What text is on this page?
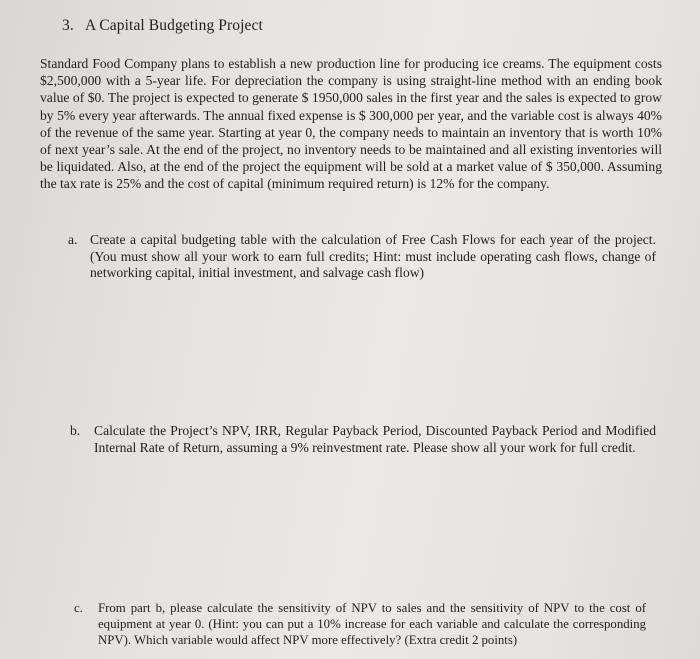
3. A Capital Budgeting Project
Standard Food Company plans to establish a new production line for producing ice creams. The equipment costs $2,500,000 with a 5-year life. For depreciation the company is using straight-line method with an ending book value of $0. The project is expected to generate $ 1950,000 sales in the first year and the sales is expected to grow by 5% every year afterwards. The annual fixed expense is $ 300,000 per year, and the variable cost is always 40% of the revenue of the same year. Starting at year 0, the company needs to maintain an inventory that is worth 10% of next year’s sale. At the end of the project, no inventory needs to be maintained and all existing inventories will be liquidated. Also, at the end of the project the equipment will be sold at a market value of $ 350,000. Assuming the tax rate is 25% and the cost of capital (minimum required return) is 12% for the company.
a. Create a capital budgeting table with the calculation of Free Cash Flows for each year of the project. (You must show all your work to earn full credits; Hint: must include operating cash flows, change of networking capital, initial investment, and salvage cash flow)
b. Calculate the Project’s NPV, IRR, Regular Payback Period, Discounted Payback Period and Modified Internal Rate of Return, assuming a 9% reinvestment rate. Please show all your work for full credit.
c. From part b, please calculate the sensitivity of NPV to sales and the sensitivity of NPV to the cost of equipment at year 0. (Hint: you can put a 10% increase for each variable and calculate the corresponding NPV). Which variable would affect NPV more effectively? (Extra credit 2 points)
